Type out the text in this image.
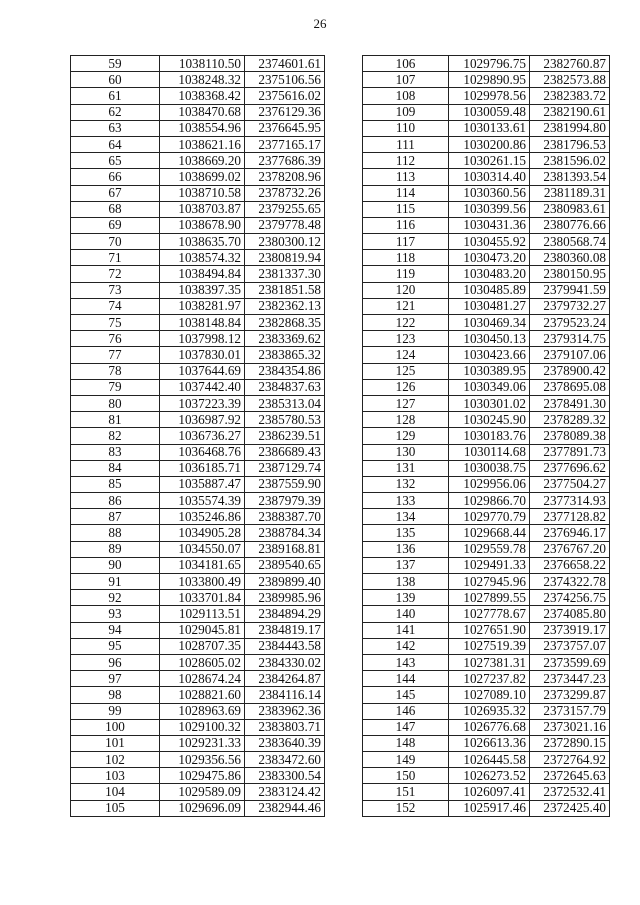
26
59	1038110.50	2374601.61
60	1038248.32	2375106.56
61	1038368.42	2375616.02
62	1038470.68	2376129.36
63	1038554.96	2376645.95
64	1038621.16	2377165.17
65	1038669.20	2377686.39
66	1038699.02	2378208.96
67	1038710.58	2378732.26
68	1038703.87	2379255.65
69	1038678.90	2379778.48
70	1038635.70	2380300.12
71	1038574.32	2380819.94
72	1038494.84	2381337.30
73	1038397.35	2381851.58
74	1038281.97	2382362.13
75	1038148.84	2382868.35
76	1037998.12	2383369.62
77	1037830.01	2383865.32
78	1037644.69	2384354.86
79	1037442.40	2384837.63
80	1037223.39	2385313.04
81	1036987.92	2385780.53
82	1036736.27	2386239.51
83	1036468.76	2386689.43
84	1036185.71	2387129.74
85	1035887.47	2387559.90
86	1035574.39	2387979.39
87	1035246.86	2388387.70
88	1034905.28	2388784.34
89	1034550.07	2389168.81
90	1034181.65	2389540.65
91	1033800.49	2389899.40
92	1033701.84	2389985.96
93	1029113.51	2384894.29
94	1029045.81	2384819.17
95	1028707.35	2384443.58
96	1028605.02	2384330.02
97	1028674.24	2384264.87
98	1028821.60	2384116.14
99	1028963.69	2383962.36
100	1029100.32	2383803.71
101	1029231.33	2383640.39
102	1029356.56	2383472.60
103	1029475.86	2383300.54
104	1029589.09	2383124.42
105	1029696.09	2382944.46
106	1029796.75	2382760.87
107	1029890.95	2382573.88
108	1029978.56	2382383.72
109	1030059.48	2382190.61
110	1030133.61	2381994.80
111	1030200.86	2381796.53
112	1030261.15	2381596.02
113	1030314.40	2381393.54
114	1030360.56	2381189.31
115	1030399.56	2380983.61
116	1030431.36	2380776.66
117	1030455.92	2380568.74
118	1030473.20	2380360.08
119	1030483.20	2380150.95
120	1030485.89	2379941.59
121	1030481.27	2379732.27
122	1030469.34	2379523.24
123	1030450.13	2379314.75
124	1030423.66	2379107.06
125	1030389.95	2378900.42
126	1030349.06	2378695.08
127	1030301.02	2378491.30
128	1030245.90	2378289.32
129	1030183.76	2378089.38
130	1030114.68	2377891.73
131	1030038.75	2377696.62
132	1029956.06	2377504.27
133	1029866.70	2377314.93
134	1029770.79	2377128.82
135	1029668.44	2376946.17
136	1029559.78	2376767.20
137	1029491.33	2376658.22
138	1027945.96	2374322.78
139	1027899.55	2374256.75
140	1027778.67	2374085.80
141	1027651.90	2373919.17
142	1027519.39	2373757.07
143	1027381.31	2373599.69
144	1027237.82	2373447.23
145	1027089.10	2373299.87
146	1026935.32	2373157.79
147	1026776.68	2373021.16
148	1026613.36	2372890.15
149	1026445.58	2372764.92
150	1026273.52	2372645.63
151	1026097.41	2372532.41
152	1025917.46	2372425.40
